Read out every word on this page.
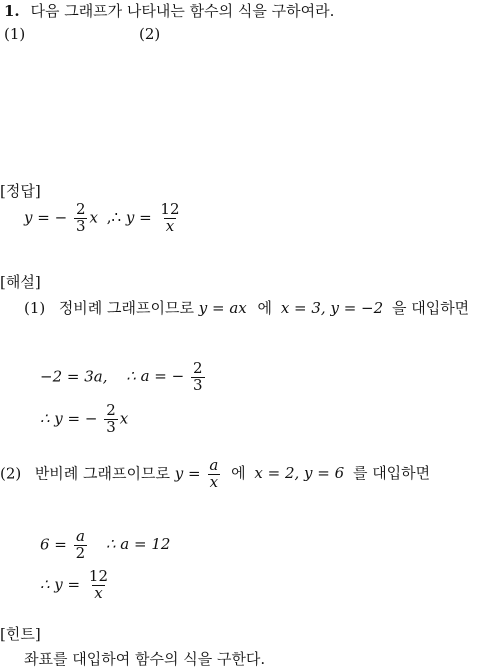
1. 다음 그래프가 나타내는 함수의 식을 구하여라.
(1)	(2)
[정답]
y = − $\frac{2}{3}$ x ,∴ $y = \frac{12}{x}$
[해설]
(1) 정비례 그래프이므로 y = ax 에 x = 3, y = −2 을 대입하면
−2 = 3a, ∴ a = − $\frac{2}{3}$
∴ y = − $\frac{2}{3}$ x
(2) 반비례 그래프이므로 $y = \frac{a}{x}$ 에 x = 2, y = 6 를 대입하면
$6 = \frac{a}{2}$ ∴ a = 12
∴ $y = \frac{12}{x}$
[힌트]
좌표를 대입하여 함수의 식을 구한다.
